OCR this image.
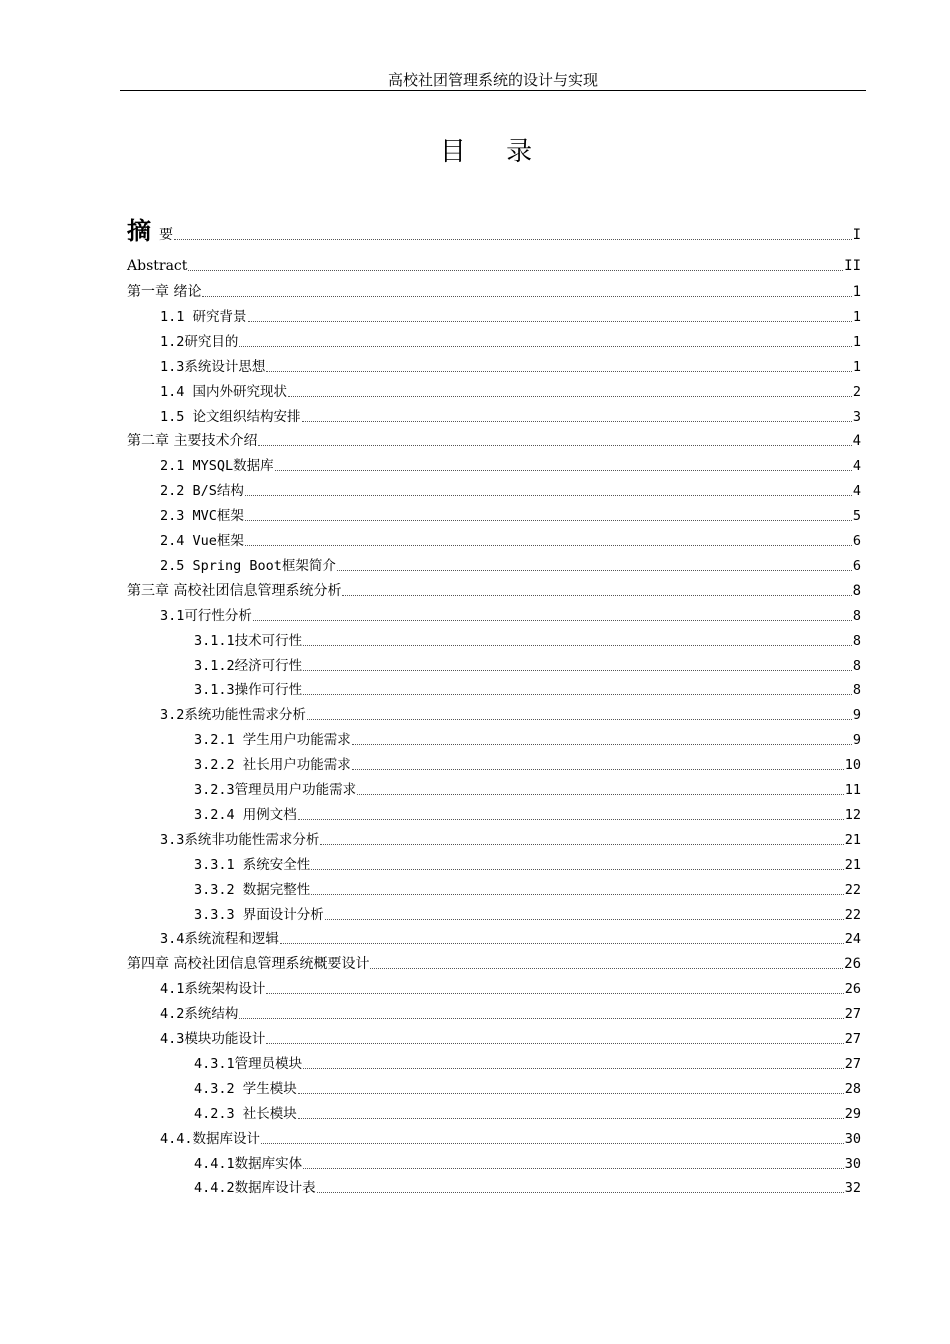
高校社团管理系统的设计与实现
目 录
摘要	I
Abstract	II
第一章 绪论	1
1.1 研究背景	1
1.2研究目的	1
1.3系统设计思想	1
1.4 国内外研究现状	2
1.5 论文组织结构安排	3
第二章 主要技术介绍	4
2.1 MYSQL数据库	4
2.2 B/S结构	4
2.3 MVC框架	5
2.4 Vue框架	6
2.5 Spring Boot框架简介	6
第三章 高校社团信息管理系统分析	8
3.1可行性分析	8
3.1.1技术可行性	8
3.1.2经济可行性	8
3.1.3操作可行性	8
3.2系统功能性需求分析	9
3.2.1 学生用户功能需求	9
3.2.2 社长用户功能需求	10
3.2.3管理员用户功能需求	11
3.2.4 用例文档	12
3.3系统非功能性需求分析	21
3.3.1 系统安全性	21
3.3.2 数据完整性	22
3.3.3 界面设计分析	22
3.4系统流程和逻辑	24
第四章 高校社团信息管理系统概要设计	26
4.1系统架构设计	26
4.2系统结构	27
4.3模块功能设计	27
4.3.1管理员模块	27
4.3.2 学生模块	28
4.2.3 社长模块	29
4.4.数据库设计	30
4.4.1数据库实体	30
4.4.2数据库设计表	32
